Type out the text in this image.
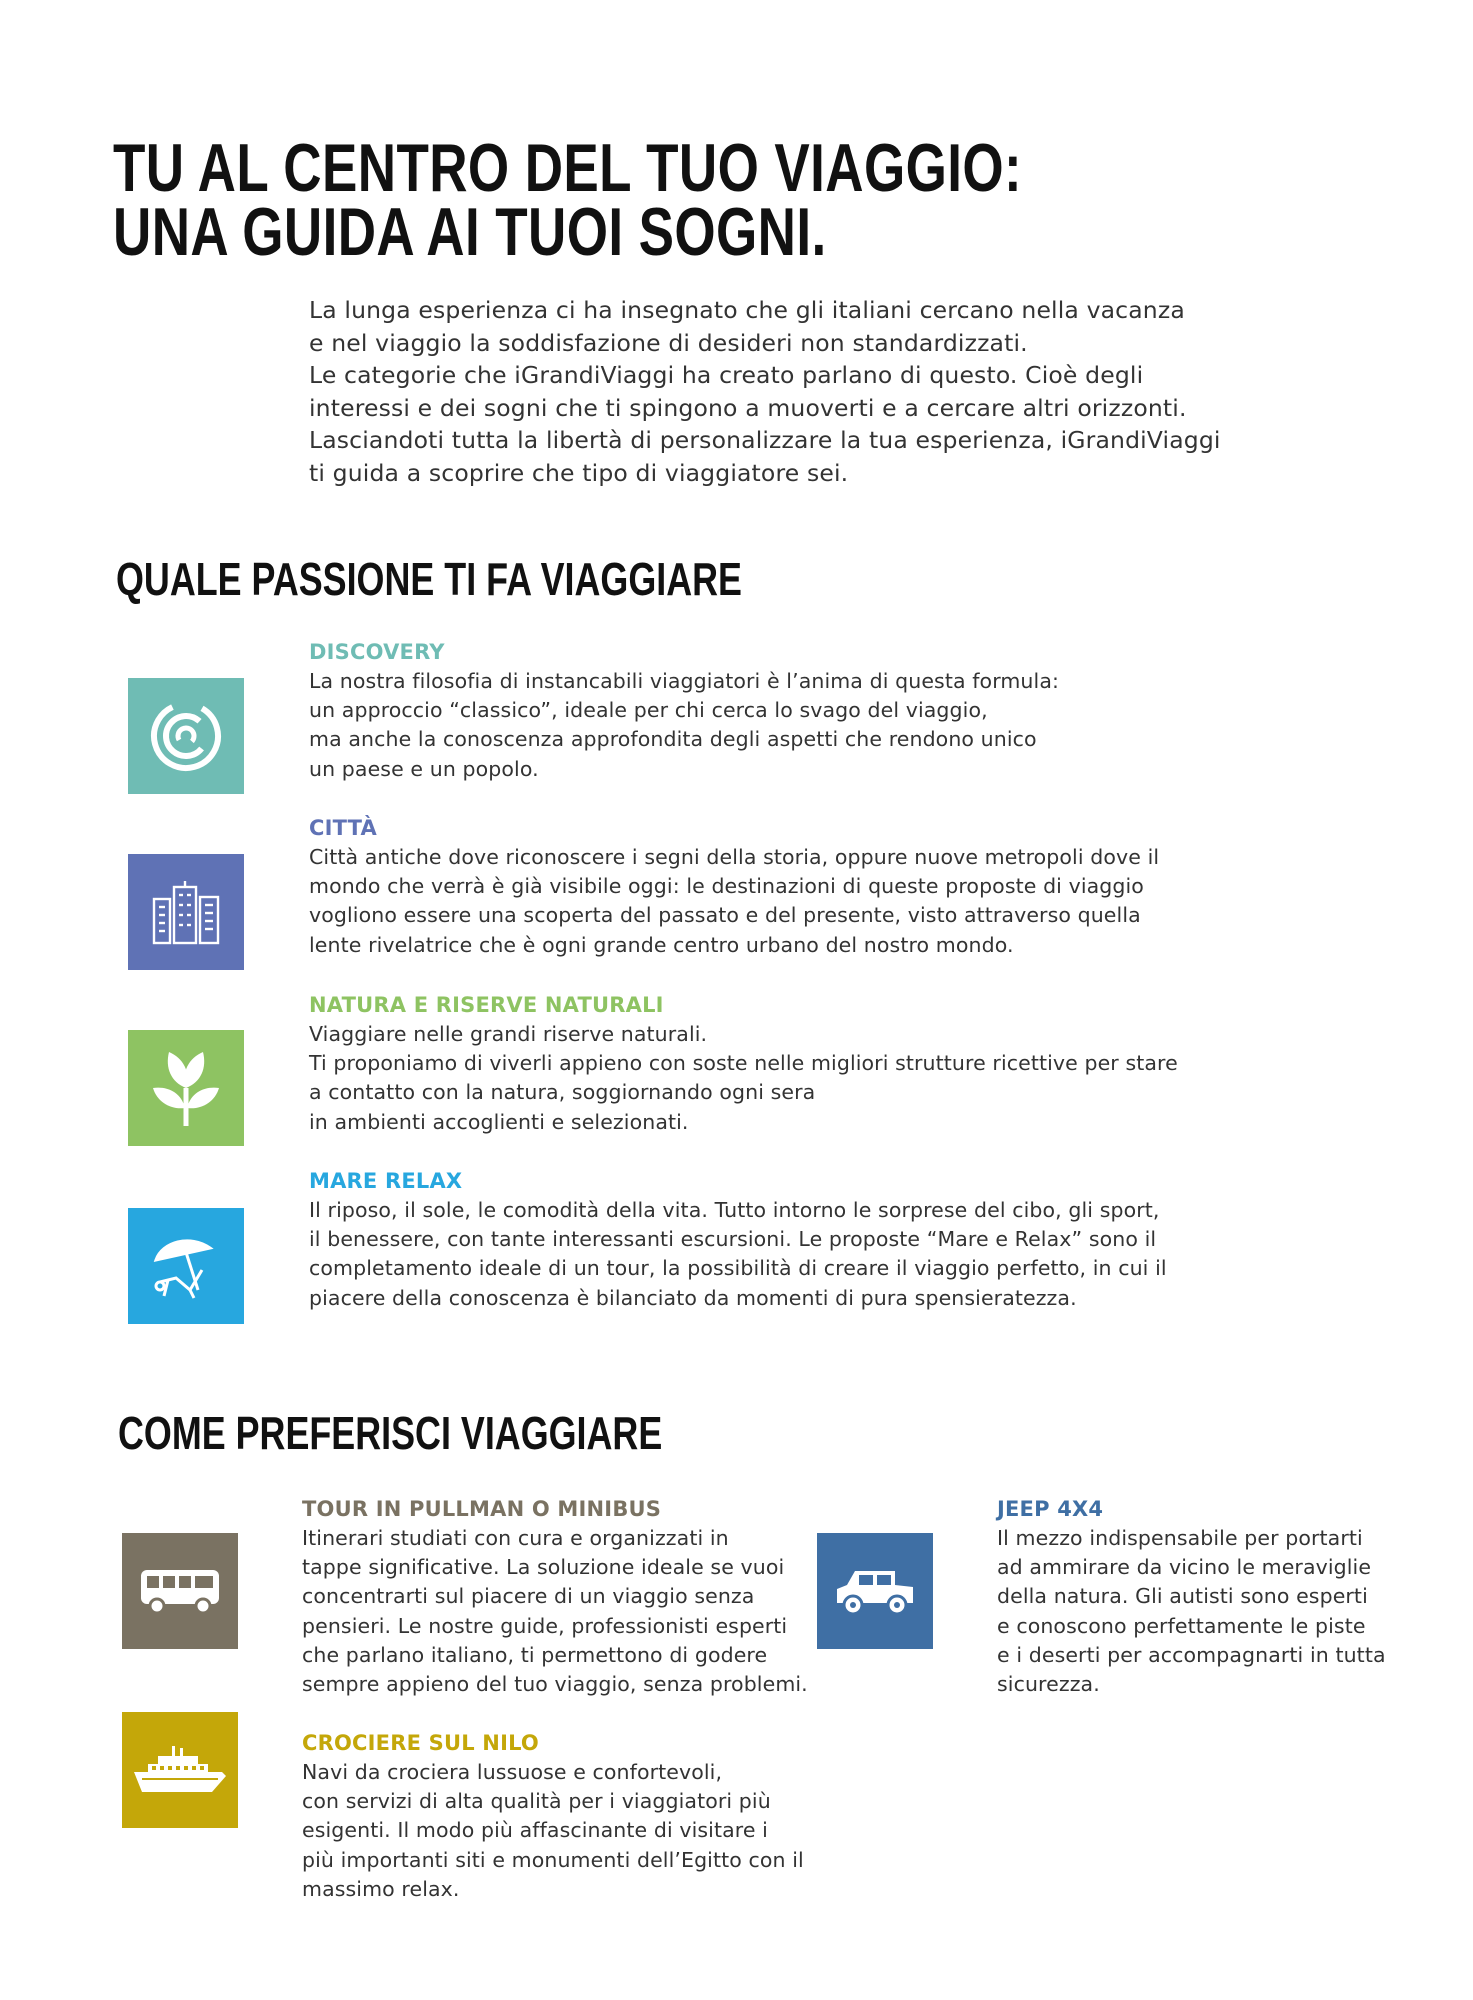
TU AL CENTRO DEL TUO VIAGGIO:
UNA GUIDA AI TUOI SOGNI.
La lunga esperienza ci ha insegnato che gli italiani cercano nella vacanza
e nel viaggio la soddisfazione di desideri non standardizzati.
Le categorie che iGrandiViaggi ha creato parlano di questo. Cioè degli
interessi e dei sogni che ti spingono a muoverti e a cercare altri orizzonti.
Lasciandoti tutta la libertà di personalizzare la tua esperienza, iGrandiViaggi
ti guida a scoprire che tipo di viaggiatore sei.
QUALE PASSIONE TI FA VIAGGIARE
DISCOVERY
La nostra filosofia di instancabili viaggiatori è l’anima di questa formula:
un approccio “classico”, ideale per chi cerca lo svago del viaggio,
ma anche la conoscenza approfondita degli aspetti che rendono unico
un paese e un popolo.
CITTÀ
Città antiche dove riconoscere i segni della storia, oppure nuove metropoli dove il
mondo che verrà è già visibile oggi: le destinazioni di queste proposte di viaggio
vogliono essere una scoperta del passato e del presente, visto attraverso quella
lente rivelatrice che è ogni grande centro urbano del nostro mondo.
NATURA E RISERVE NATURALI
Viaggiare nelle grandi riserve naturali.
Ti proponiamo di viverli appieno con soste nelle migliori strutture ricettive per stare
a contatto con la natura, soggiornando ogni sera
in ambienti accoglienti e selezionati.
MARE RELAX
Il riposo, il sole, le comodità della vita. Tutto intorno le sorprese del cibo, gli sport,
il benessere, con tante interessanti escursioni. Le proposte “Mare e Relax” sono il
completamento ideale di un tour, la possibilità di creare il viaggio perfetto, in cui il
piacere della conoscenza è bilanciato da momenti di pura spensieratezza.
COME PREFERISCI VIAGGIARE
TOUR IN PULLMAN O MINIBUS
Itinerari studiati con cura e organizzati in
tappe significative. La soluzione ideale se vuoi
concentrarti sul piacere di un viaggio senza
pensieri. Le nostre guide, professionisti esperti
che parlano italiano, ti permettono di godere
sempre appieno del tuo viaggio, senza problemi.
JEEP 4X4
Il mezzo indispensabile per portarti
ad ammirare da vicino le meraviglie
della natura. Gli autisti sono esperti
e conoscono perfettamente le piste
e i deserti per accompagnarti in tutta
sicurezza.
CROCIERE SUL NILO
Navi da crociera lussuose e confortevoli,
con servizi di alta qualità per i viaggiatori più
esigenti. Il modo più affascinante di visitare i
più importanti siti e monumenti dell’Egitto con il
massimo relax.
